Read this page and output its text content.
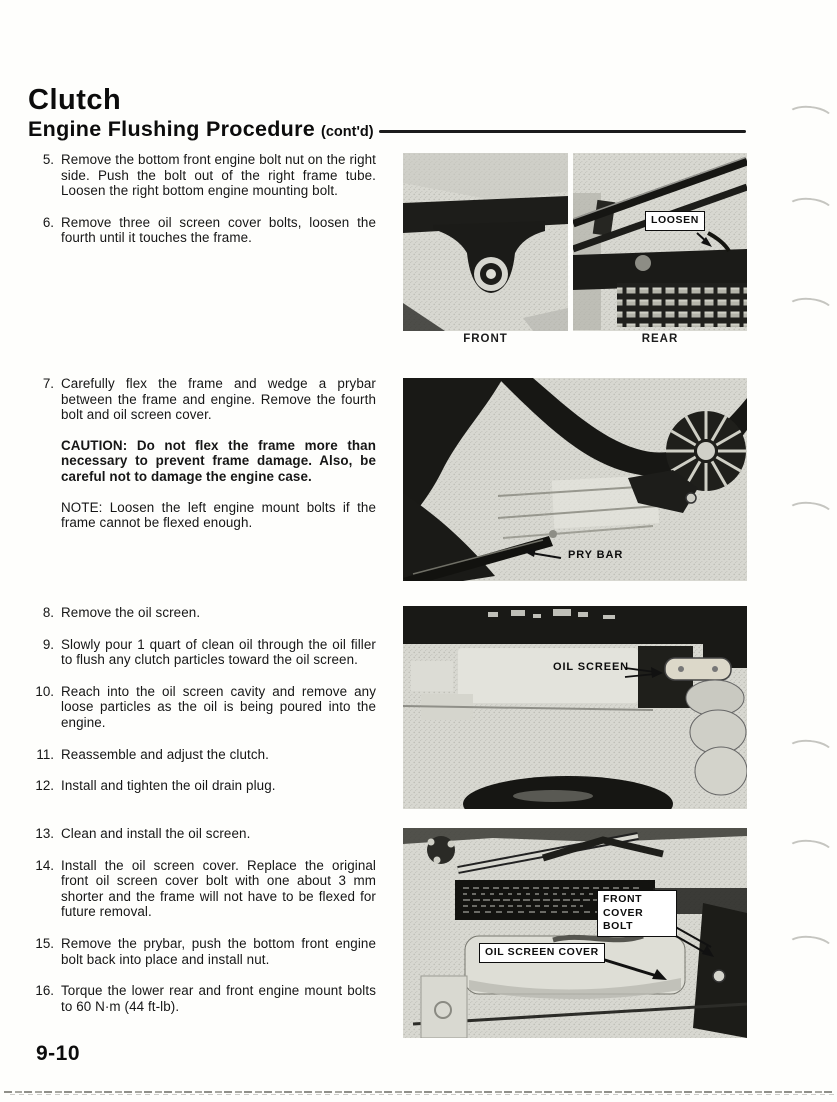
Clutch
Engine Flushing Procedure (cont'd)
5. Remove the bottom front engine bolt nut on the right side. Push the bolt out of the right frame tube. Loosen the right bottom engine mounting bolt.
6. Remove three oil screen cover bolts, loosen the fourth until it touches the frame.
7. Carefully flex the frame and wedge a prybar between the frame and engine. Remove the fourth bolt and oil screen cover.
CAUTION: Do not flex the frame more than necessary to prevent frame damage. Also, be careful not to damage the engine case.
NOTE: Loosen the left engine mount bolts if the frame cannot be flexed enough.
8. Remove the oil screen.
9. Slowly pour 1 quart of clean oil through the oil filler to flush any clutch particles toward the oil screen.
10. Reach into the oil screen cavity and remove any loose particles as the oil is being poured into the engine.
11. Reassemble and adjust the clutch.
12. Install and tighten the oil drain plug.
13. Clean and install the oil screen.
14. Install the oil screen cover. Replace the original front oil screen cover bolt with one about 3 mm shorter and the frame will not have to be flexed for future removal.
15. Remove the prybar, push the bottom front engine bolt back into place and install nut.
16. Torque the lower rear and front engine mount bolts to 60 N·m (44 ft-lb).
LOOSEN
FRONT	REAR
PRY BAR
OIL SCREEN
FRONT COVER BOLT
OIL SCREEN COVER
9-10
